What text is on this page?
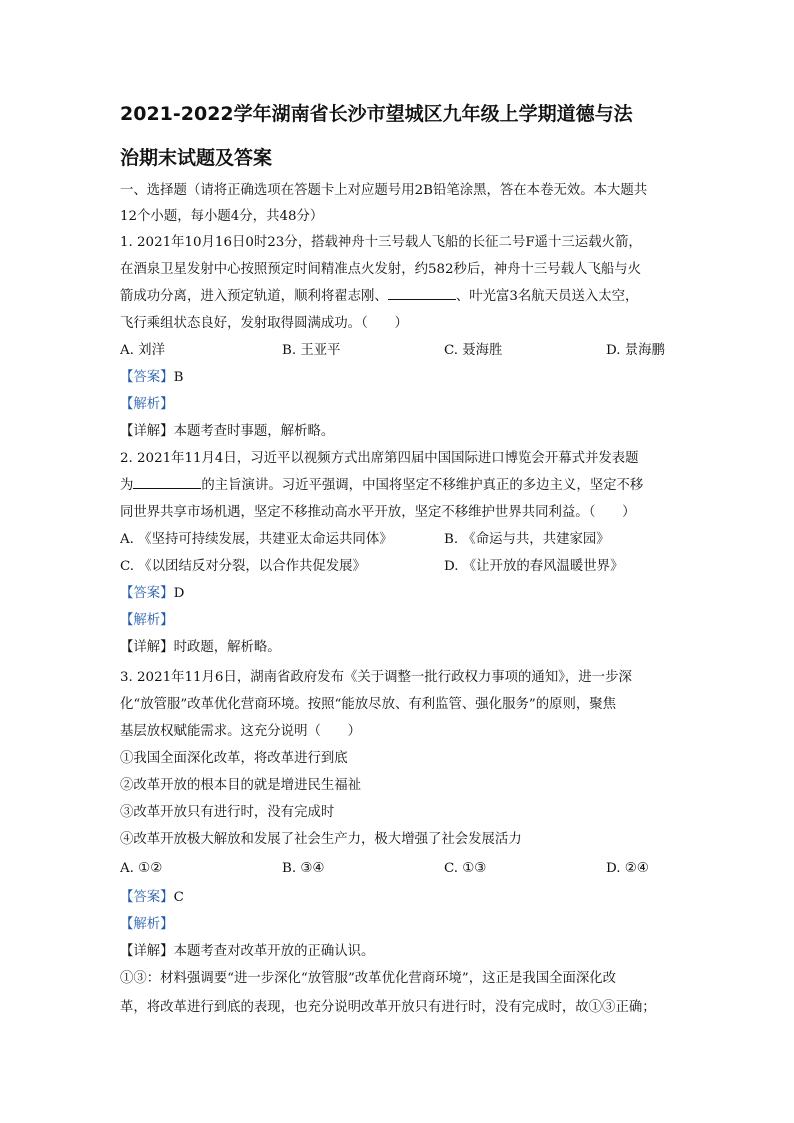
2021-2022学年湖南省长沙市望城区九年级上学期道德与法
治期末试题及答案
一、选择题（请将正确选项在答题卡上对应题号用2B铅笔涂黑，答在本卷无效。本大题共
12个小题，每小题4分，共48分）
1. 2021年10月16日0时23分，搭载神舟十三号载人飞船的长征二号F遥十三运载火箭，
在酒泉卫星发射中心按照预定时间精准点火发射，约582秒后，神舟十三号载人飞船与火
箭成功分离，进入预定轨道，顺利将翟志刚、	、叶光富3名航天员送入太空，
飞行乘组状态良好，发射取得圆满成功。（　　）
A. 刘洋	B. 王亚平	C. 聂海胜	D. 景海鹏
【答案】B
【解析】
【详解】本题考查时事题，解析略。
2. 2021年11月4日，习近平以视频方式出席第四届中国国际进口博览会开幕式并发表题
为	的主旨演讲。习近平强调，中国将坚定不移维护真正的多边主义，坚定不移
同世界共享市场机遇，坚定不移推动高水平开放，坚定不移维护世界共同利益。（　　）
A. 《坚持可持续发展，共建亚太命运共同体》	B. 《命运与共，共建家园》
C. 《以团结反对分裂，以合作共促发展》	D. 《让开放的春风温暖世界》
【答案】D
【解析】
【详解】时政题，解析略。
3. 2021年11月6日，湖南省政府发布《关于调整一批行政权力事项的通知》，进一步深
化“放管服”改革优化营商环境。按照“能放尽放、有利监管、强化服务”的原则，聚焦
基层放权赋能需求。这充分说明（　　）
①我国全面深化改革，将改革进行到底
②改革开放的根本目的就是增进民生福祉
③改革开放只有进行时，没有完成时
④改革开放极大解放和发展了社会生产力，极大增强了社会发展活力
A. ①②	B. ③④	C. ①③	D. ②④
【答案】C
【解析】
【详解】本题考查对改革开放的正确认识。
①③：材料强调要“进一步深化“放管服”改革优化营商环境”，这正是我国全面深化改
革，将改革进行到底的表现，也充分说明改革开放只有进行时，没有完成时，故①③正确；
